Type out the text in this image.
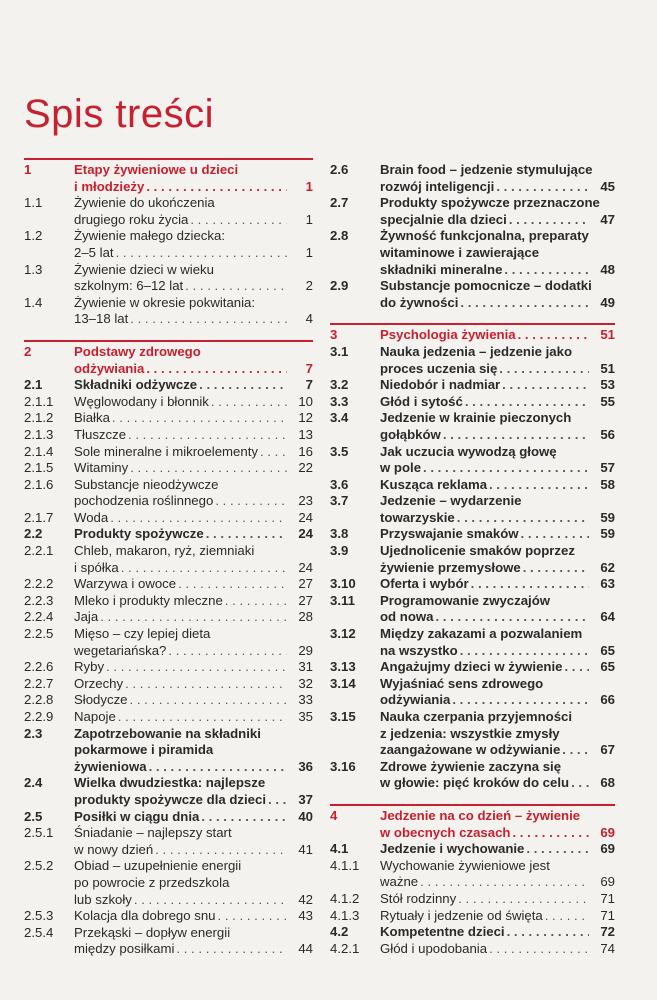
Spis treści
1	Etapy żywieniowe u dzieci
i młodzieży . . .	1
1.1	Żywienie do ukończenia
drugiego roku życia . . .	1
1.2	Żywienie małego dziecka:
2–5 lat . . .	1
1.3	Żywienie dzieci w wieku
szkolnym: 6–12 lat . . .	2
1.4	Żywienie w okresie pokwitania:
13–18 lat . . .	4
2	Podstawy zdrowego
odżywiania . . .	7
2.1	Składniki odżywcze . . .	7
2.1.1	Węglowodany i błonnik . . .	10
2.1.2	Białka . . .	12
2.1.3	Tłuszcze . . .	13
2.1.4	Sole mineralne i mikroelementy . . .	16
2.1.5	Witaminy . . .	22
2.1.6	Substancje nieodżywcze
pochodzenia roślinnego . . .	23
2.1.7	Woda . . .	24
2.2	Produkty spożywcze . . .	24
2.2.1	Chleb, makaron, ryż, ziemniaki
i spółka . . .	24
2.2.2	Warzywa i owoce . . .	27
2.2.3	Mleko i produkty mleczne . . .	27
2.2.4	Jaja . . .	28
2.2.5	Mięso – czy lepiej dieta
wegetariańska? . . .	29
2.2.6	Ryby . . .	31
2.2.7	Orzechy . . .	32
2.2.8	Słodycze . . .	33
2.2.9	Napoje . . .	35
2.3	Zapotrzebowanie na składniki
pokarmowe i piramida
żywieniowa . . .	36
2.4	Wielka dwudziestka: najlepsze
produkty spożywcze dla dzieci . . .	37
2.5	Posiłki w ciągu dnia . . .	40
2.5.1	Śniadanie – najlepszy start
w nowy dzień . . .	41
2.5.2	Obiad – uzupełnienie energii
po powrocie z przedszkola
lub szkoły . . .	42
2.5.3	Kolacja dla dobrego snu . . .	43
2.5.4	Przekąski – dopływ energii
między posiłkami . . .	44
2.6	Brain food – jedzenie stymulujące
rozwój inteligencji . . .	45
2.7	Produkty spożywcze przeznaczone
specjalnie dla dzieci . . .	47
2.8	Żywność funkcjonalna, preparaty
witaminowe i zawierające
składniki mineralne . . .	48
2.9	Substancje pomocnicze – dodatki
do żywności . . .	49
3	Psychologia żywienia . . .	51
3.1	Nauka jedzenia – jedzenie jako
proces uczenia się . . .	51
3.2	Niedobór i nadmiar . . .	53
3.3	Głód i sytość . . .	55
3.4	Jedzenie w krainie pieczonych
gołąbków . . .	56
3.5	Jak uczucia wywodzą głowę
w pole . . .	57
3.6	Kusząca reklama . . .	58
3.7	Jedzenie – wydarzenie
towarzyskie . . .	59
3.8	Przyswajanie smaków . . .	59
3.9	Ujednolicenie smaków poprzez
żywienie przemysłowe . . .	62
3.10	Oferta i wybór . . .	63
3.11	Programowanie zwyczajów
od nowa . . .	64
3.12	Między zakazami a pozwalaniem
na wszystko . . .	65
3.13	Angażujmy dzieci w żywienie . . .	65
3.14	Wyjaśniać sens zdrowego
odżywiania . . .	66
3.15	Nauka czerpania przyjemności
z jedzenia: wszystkie zmysły
zaangażowane w odżywianie . . .	67
3.16	Zdrowe żywienie zaczyna się
w głowie: pięć kroków do celu . . .	68
4	Jedzenie na co dzień – żywienie
w obecnych czasach . . .	69
4.1	Jedzenie i wychowanie . . .	69
4.1.1	Wychowanie żywieniowe jest
ważne . . .	69
4.1.2	Stół rodzinny . . .	71
4.1.3	Rytuały i jedzenie od święta . . .	71
4.2	Kompetentne dzieci . . .	72
4.2.1	Głód i upodobania . . .	74
